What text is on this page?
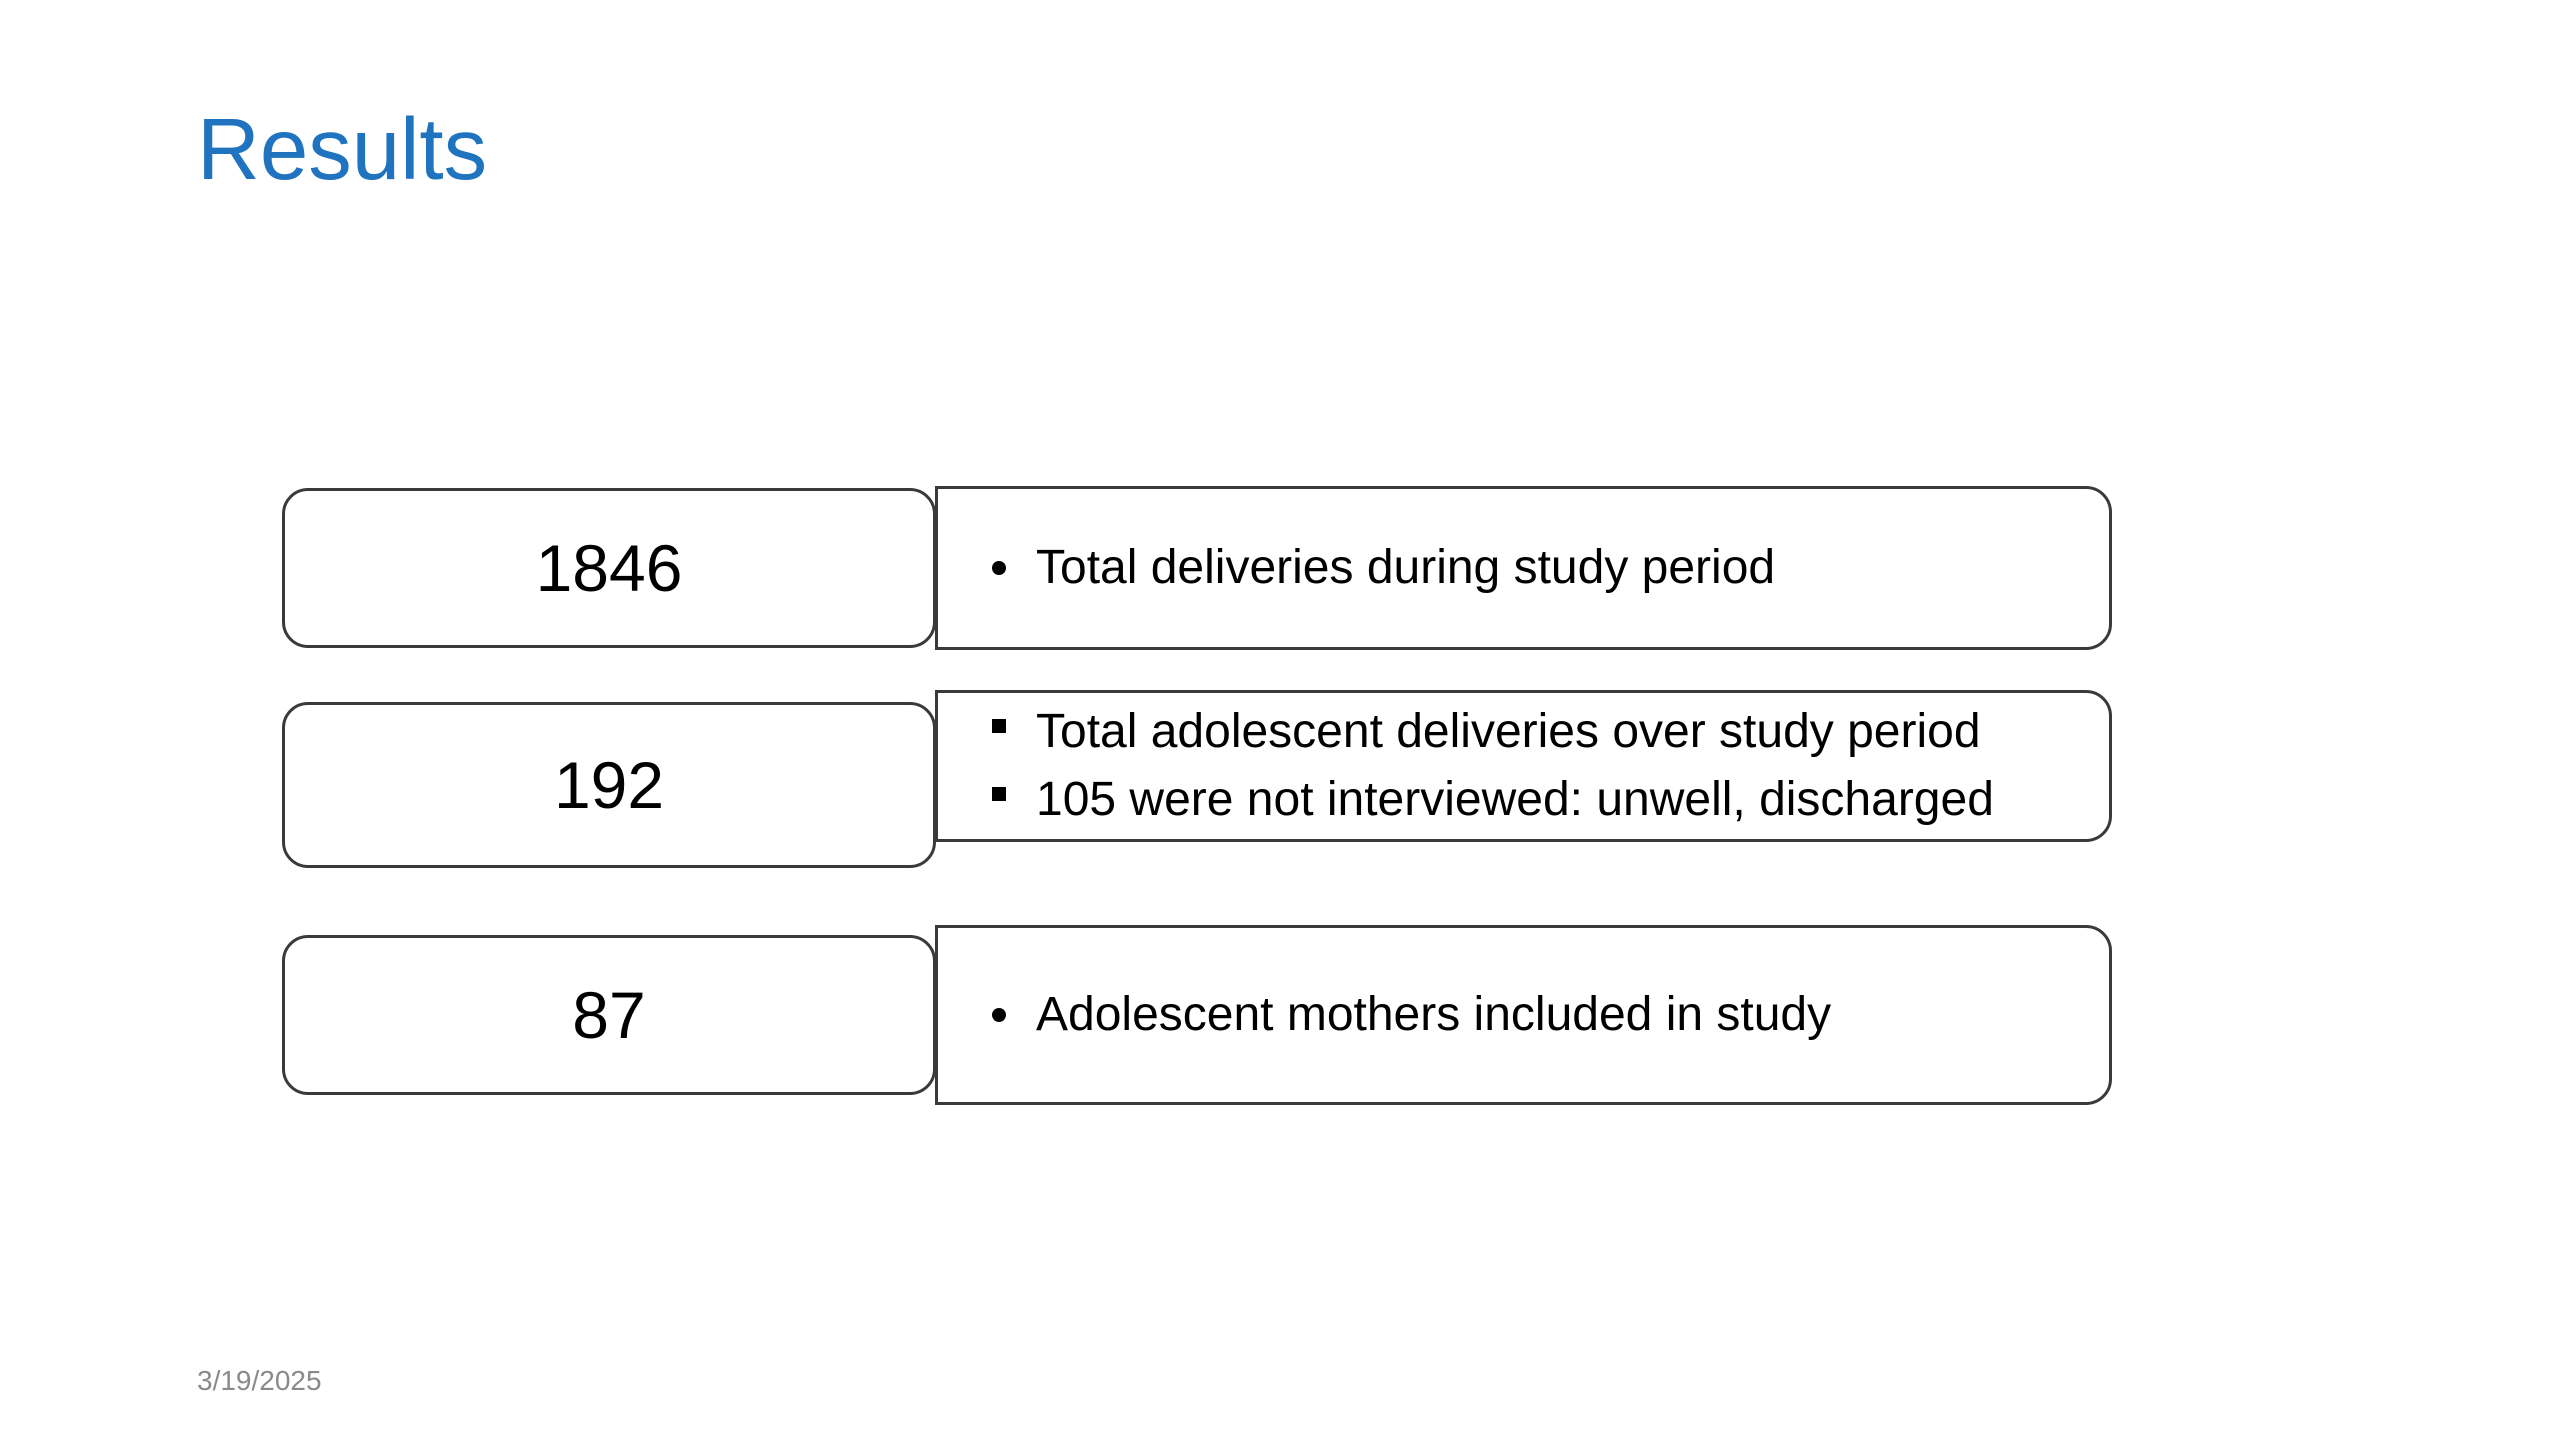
Results
1846	Total deliveries during study period
192
Total adolescent deliveries over study period
105 were not interviewed: unwell, discharged
87	Adolescent mothers included in study
3/19/2025
